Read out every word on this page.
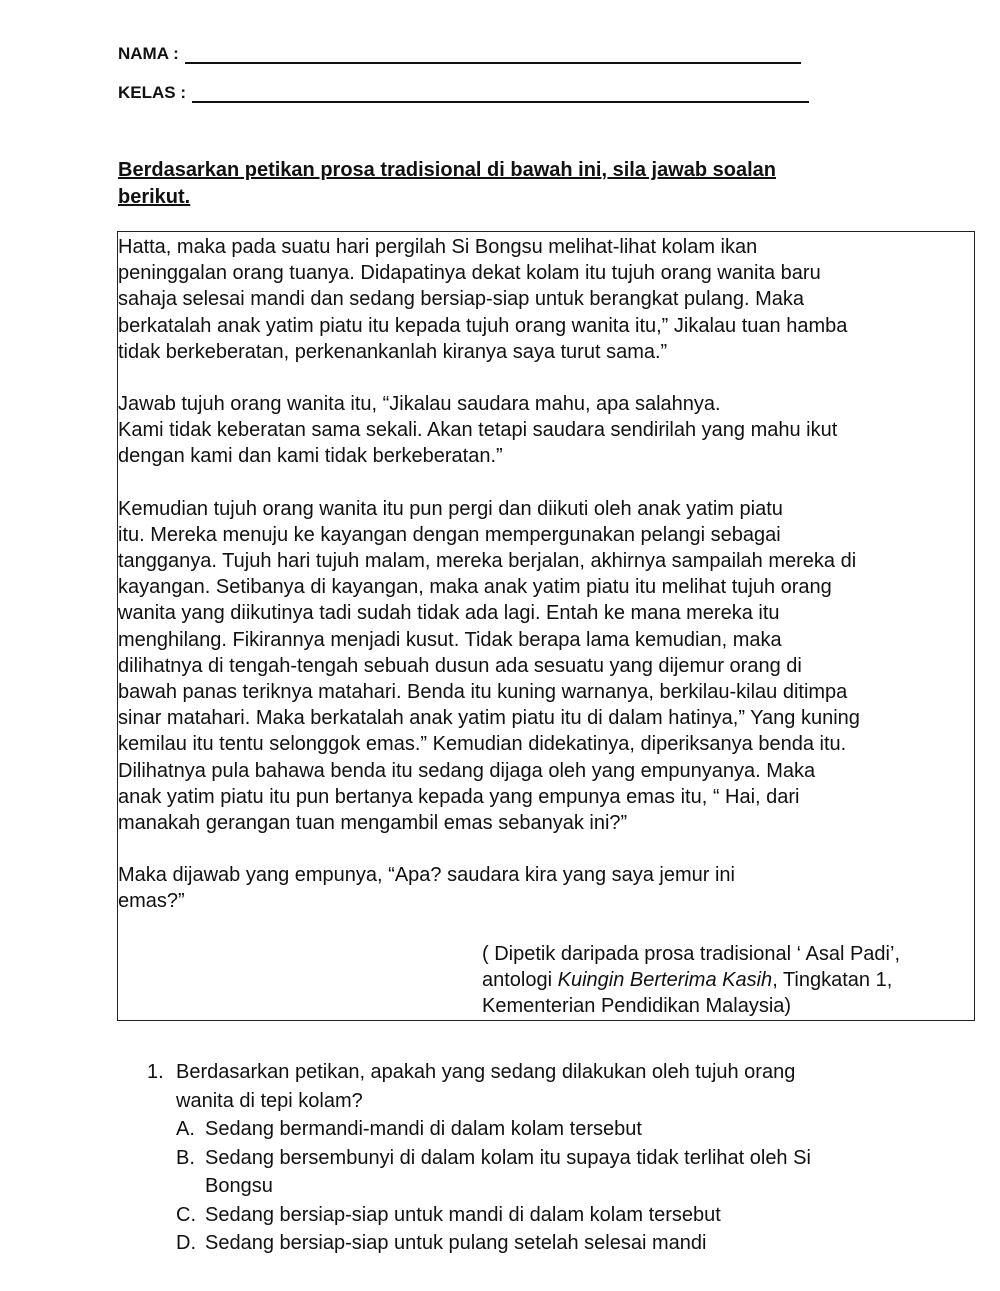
NAMA :
KELAS :
Berdasarkan petikan prosa tradisional di bawah ini, sila jawab soalan
berikut.
Hatta, maka pada suatu hari pergilah Si Bongsu melihat-lihat kolam ikan
peninggalan orang tuanya. Didapatinya dekat kolam itu tujuh orang wanita baru
sahaja selesai mandi dan sedang bersiap-siap untuk berangkat pulang. Maka
berkatalah anak yatim piatu itu kepada tujuh orang wanita itu,” Jikalau tuan hamba
tidak berkeberatan, perkenankanlah kiranya saya turut sama.”
Jawab tujuh orang wanita itu, “Jikalau saudara mahu, apa salahnya.
Kami tidak keberatan sama sekali. Akan tetapi saudara sendirilah yang mahu ikut
dengan kami dan kami tidak berkeberatan.”
Kemudian tujuh orang wanita itu pun pergi dan diikuti oleh anak yatim piatu
itu. Mereka menuju ke kayangan dengan mempergunakan pelangi sebagai
tangganya. Tujuh hari tujuh malam, mereka berjalan, akhirnya sampailah mereka di
kayangan. Setibanya di kayangan, maka anak yatim piatu itu melihat tujuh orang
wanita yang diikutinya tadi sudah tidak ada lagi. Entah ke mana mereka itu
menghilang. Fikirannya menjadi kusut. Tidak berapa lama kemudian, maka
dilihatnya di tengah-tengah sebuah dusun ada sesuatu yang dijemur orang di
bawah panas teriknya matahari. Benda itu kuning warnanya, berkilau-kilau ditimpa
sinar matahari. Maka berkatalah anak yatim piatu itu di dalam hatinya,” Yang kuning
kemilau itu tentu selonggok emas.” Kemudian didekatinya, diperiksanya benda itu.
Dilihatnya pula bahawa benda itu sedang dijaga oleh yang empunyanya. Maka
anak yatim piatu itu pun bertanya kepada yang empunya emas itu, “ Hai, dari
manakah gerangan tuan mengambil emas sebanyak ini?”
Maka dijawab yang empunya, “Apa? saudara kira yang saya jemur ini
emas?”
( Dipetik daripada prosa tradisional ‘ Asal Padi’,
antologi Kuingin Berterima Kasih, Tingkatan 1,
Kementerian Pendidikan Malaysia)
1. Berdasarkan petikan, apakah yang sedang dilakukan oleh tujuh orang
wanita di tepi kolam?
A. Sedang bermandi-mandi di dalam kolam tersebut
B. Sedang bersembunyi di dalam kolam itu supaya tidak terlihat oleh Si
Bongsu
C. Sedang bersiap-siap untuk mandi di dalam kolam tersebut
D. Sedang bersiap-siap untuk pulang setelah selesai mandi
